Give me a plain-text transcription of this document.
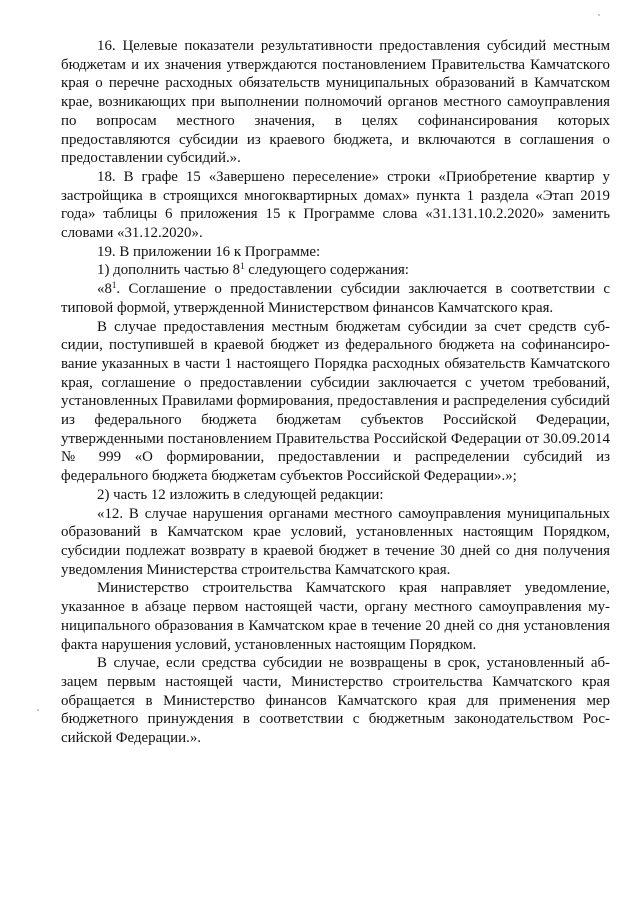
16. Целевые показатели результативности предоставления субсидий местным бюджетам и их значения утверждаются постановлением Правительства Камчатского края о перечне расходных обязательств муниципальных образований в Камчатском крае, возникающих при выполнении полномочий органов местного самоуправления по вопросам местного значения, в целях софинансирования которых предоставляются субсидии из краевого бюджета, и включаются в соглашения о предоставлении субсидий.».

18. В графе 15 «Завершено переселение» строки «Приобретение квартир у застройщика в строящихся многоквартирных домах» пункта 1 раздела «Этап 2019 года» таблицы 6 приложения 15 к Программе слова «31.131.10.2.2020» заменить словами «31.12.2020».

19. В приложении 16 к Программе:

1) дополнить частью $8^1$ следующего содержания:

«$8^1$. Соглашение о предоставлении субсидии заключается в соответствии с типовой формой, утвержденной Министерством финансов Камчатского края.

В случае предоставления местным бюджетам субсидии за счет средств субсидии, поступившей в краевой бюджет из федерального бюджета на софинансирование указанных в части 1 настоящего Порядка расходных обязательств Камчатского края, соглашение о предоставлении субсидии заключается с учетом требований, установленных Правилами формирования, предоставления и распределения субсидий из федерального бюджета бюджетам субъектов Российской Федерации, утвержденными постановлением Правительства Российской Федерации от 30.09.2014 № 999 «О формировании, предоставлении и распределении субсидий из федерального бюджета бюджетам субъектов Российской Федерации».»;

2) часть 12 изложить в следующей редакции:

«12. В случае нарушения органами местного самоуправления муниципальных образований в Камчатском крае условий, установленных настоящим Порядком, субсидии подлежат возврату в краевой бюджет в течение 30 дней со дня получения уведомления Министерства строительства Камчатского края.

Министерство строительства Камчатского края направляет уведомление, указанное в абзаце первом настоящей части, органу местного самоуправления муниципального образования в Камчатском крае в течение 20 дней со дня установления факта нарушения условий, установленных настоящим Порядком.

В случае, если средства субсидии не возвращены в срок, установленный абзацем первым настоящей части, Министерство строительства Камчатского края обращается в Министерство финансов Камчатского края для применения мер бюджетного принуждения в соответствии с бюджетным законодательством Российской Федерации.».
